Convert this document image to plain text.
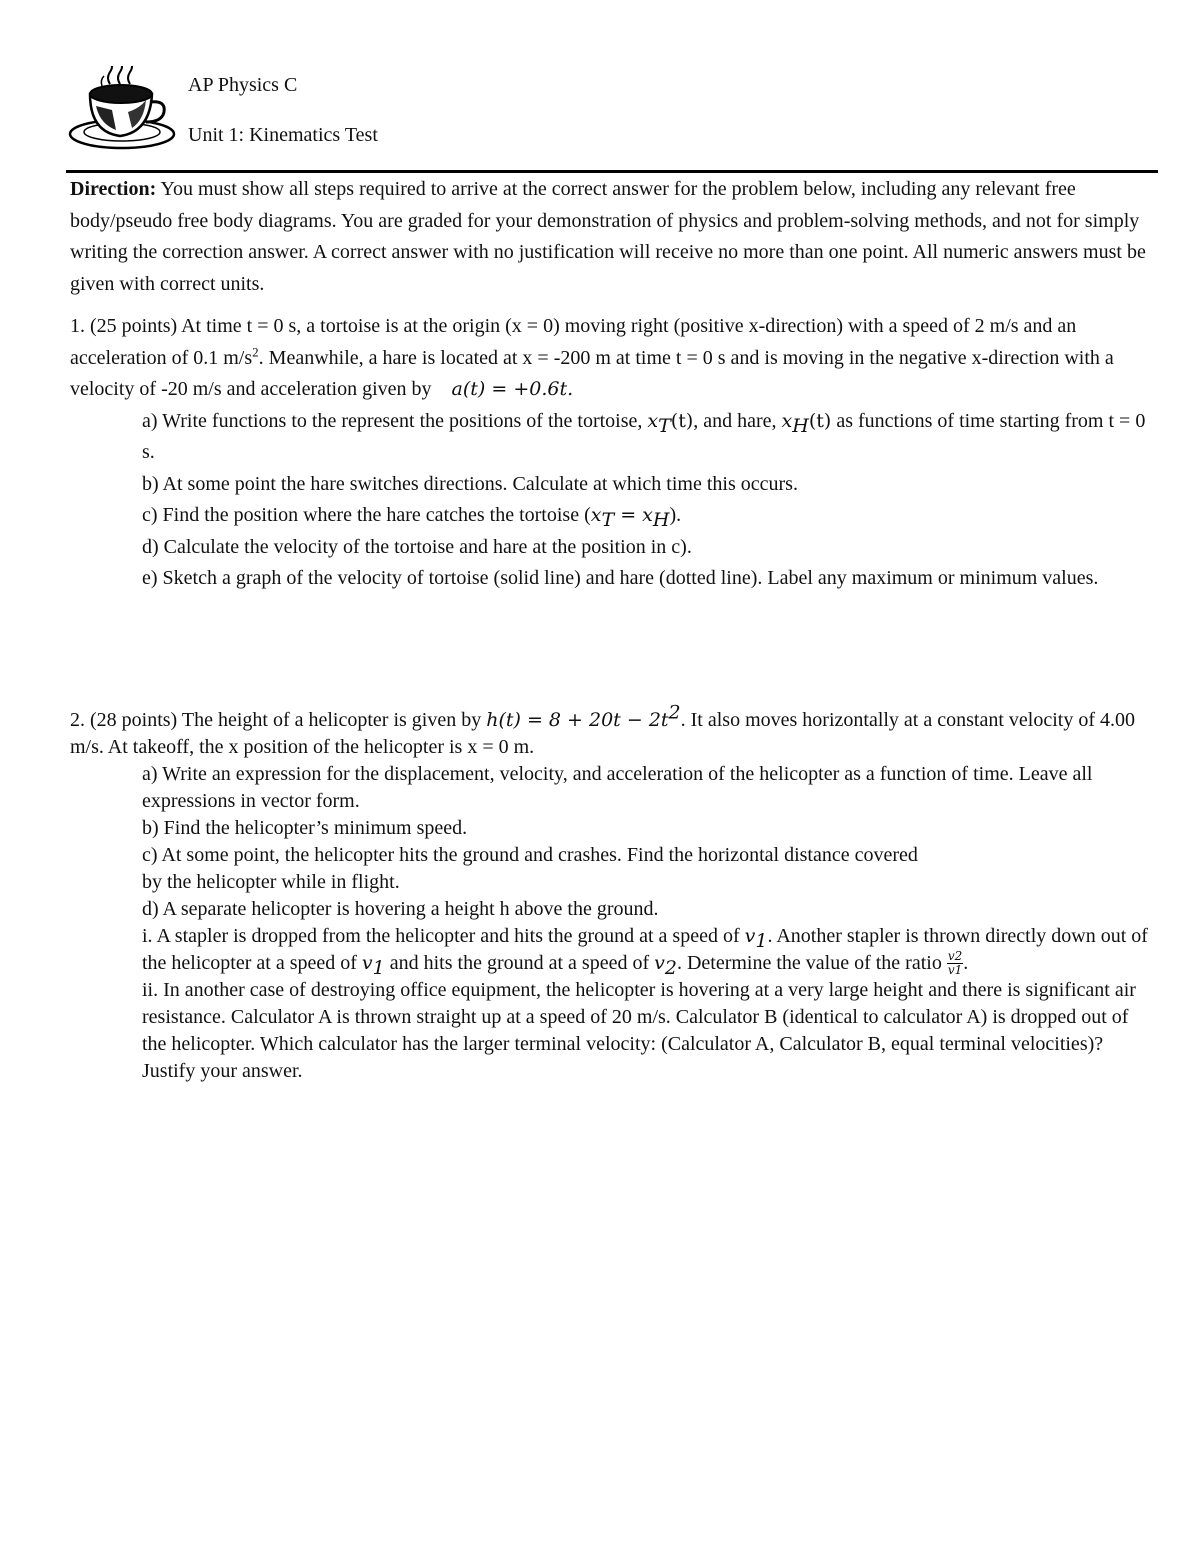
AP Physics C
Unit 1: Kinematics Test

Direction: You must show all steps required to arrive at the correct answer for the problem below, including any relevant free body/pseudo free body diagrams. You are graded for your demonstration of physics and problem-solving methods, and not for simply writing the correction answer. A correct answer with no justification will receive no more than one point. All numeric answers must be given with correct units.

1. (25 points) At time t = 0 s, a tortoise is at the origin (x = 0) moving right (positive x-direction) with a speed of 2 m/s and an acceleration of 0.1 $m/s^2$. Meanwhile, a hare is located at x = -200 m at time t = 0 s and is moving in the negative x-direction with a velocity of -20 m/s and acceleration given by    a(t) = +0.6t.

a) Write functions to the represent the positions of the tortoise, $x_T(t)$, and hare, $x_H(t)$ as functions of time starting from t = 0 s.

b) At some point the hare switches directions. Calculate at which time this occurs.

c) Find the position where the hare catches the tortoise $(x_T = x_H)$.

d) Calculate the velocity of the tortoise and hare at the position in c).

e) Sketch a graph of the velocity of tortoise (solid line) and hare (dotted line). Label any maximum or minimum values.

2. (28 points) The height of a helicopter is given by $h(t) = 8 + 20t - 2t^2$. It also moves horizontally at a constant velocity of 4.00 m/s. At takeoff, the x position of the helicopter is x = 0 m.

a) Write an expression for the displacement, velocity, and acceleration of the helicopter as a function of time. Leave all expressions in vector form.

b) Find the helicopter’s minimum speed.

c) At some point, the helicopter hits the ground and crashes. Find the horizontal distance covered
by the helicopter while in flight.

d) A separate helicopter is hovering a height h above the ground.

i. A stapler is dropped from the helicopter and hits the ground at a speed of $v_1$. Another stapler is thrown directly down out of the helicopter at a speed of $v_1$ and hits the ground at a speed of $v_2$. Determine the value of the ratio $\frac{v2}{v1}$ .

ii. In another case of destroying office equipment, the helicopter is hovering at a very large height and there is significant air resistance. Calculator A is thrown straight up at a speed of 20 m/s. Calculator B (identical to calculator A) is dropped out of the helicopter. Which calculator has the larger terminal velocity: (Calculator A, Calculator B, equal terminal velocities)? Justify your answer.
